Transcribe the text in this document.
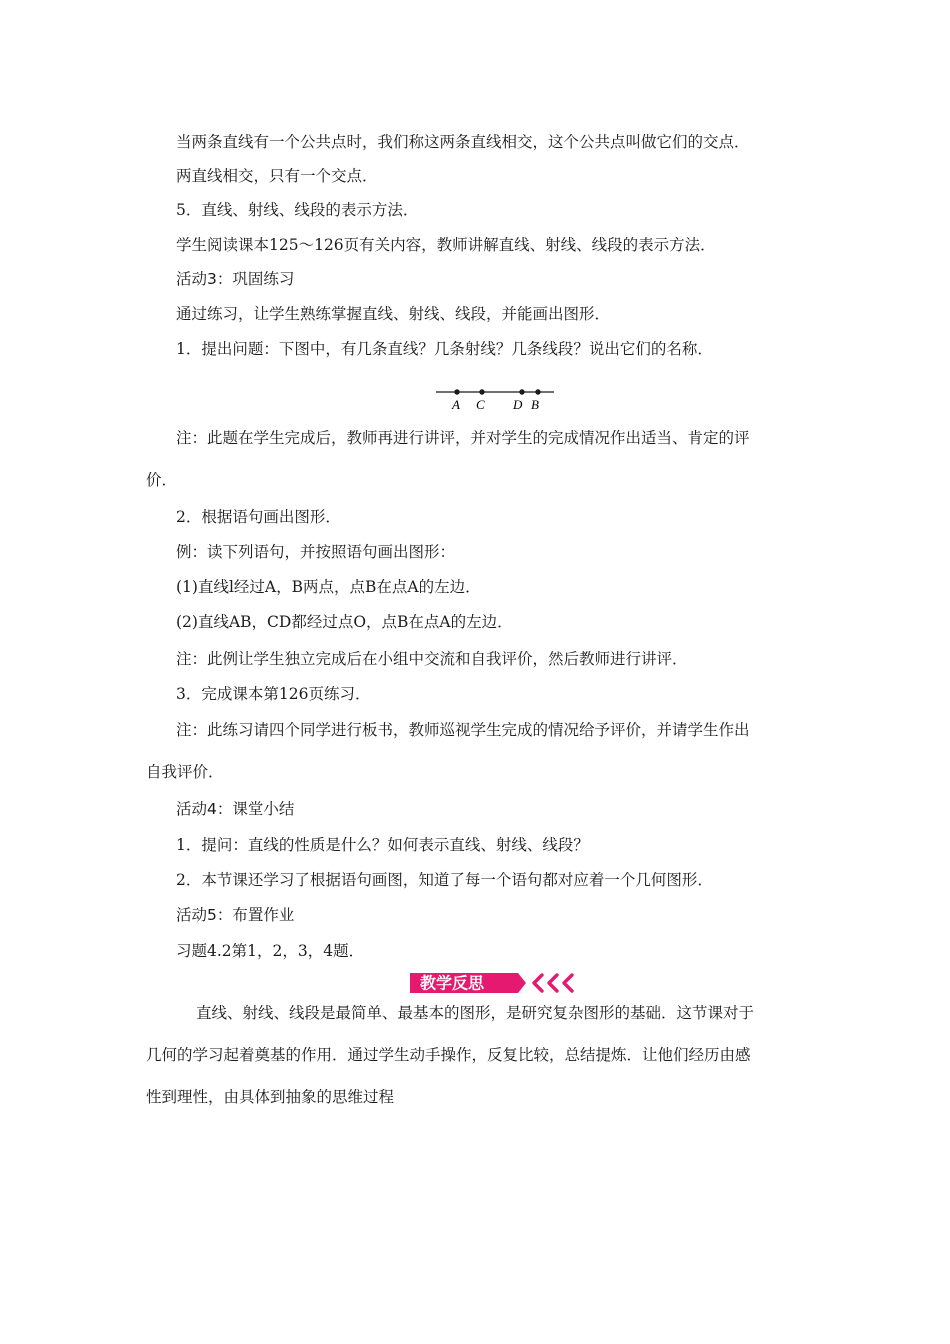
当两条直线有一个公共点时，我们称这两条直线相交，这个公共点叫做它们的交点．
两直线相交，只有一个交点．
5．直线、射线、线段的表示方法．
学生阅读课本125～126页有关内容，教师讲解直线、射线、线段的表示方法．
活动3：巩固练习
通过练习，让学生熟练掌握直线、射线、线段，并能画出图形．
1．提出问题：下图中，有几条直线？几条射线？几条线段？说出它们的名称．
A C D B
注：此题在学生完成后，教师再进行讲评，并对学生的完成情况作出适当、肯定的评
价．
2．根据语句画出图形．
例：读下列语句，并按照语句画出图形：
(1)直线l经过A，B两点，点B在点A的左边．
(2)直线AB，CD都经过点O，点B在点A的左边．
注：此例让学生独立完成后在小组中交流和自我评价，然后教师进行讲评．
3．完成课本第126页练习．
注：此练习请四个同学进行板书，教师巡视学生完成的情况给予评价，并请学生作出
自我评价．
活动4：课堂小结
1．提问：直线的性质是什么？如何表示直线、射线、线段？
2．本节课还学习了根据语句画图，知道了每一个语句都对应着一个几何图形．
活动5：布置作业
习题4.2第1，2，3，4题．
教学反思
直线、射线、线段是最简单、最基本的图形，是研究复杂图形的基础．这节课对于
几何的学习起着奠基的作用．通过学生动手操作，反复比较，总结提炼．让他们经历由感
性到理性，由具体到抽象的思维过程
